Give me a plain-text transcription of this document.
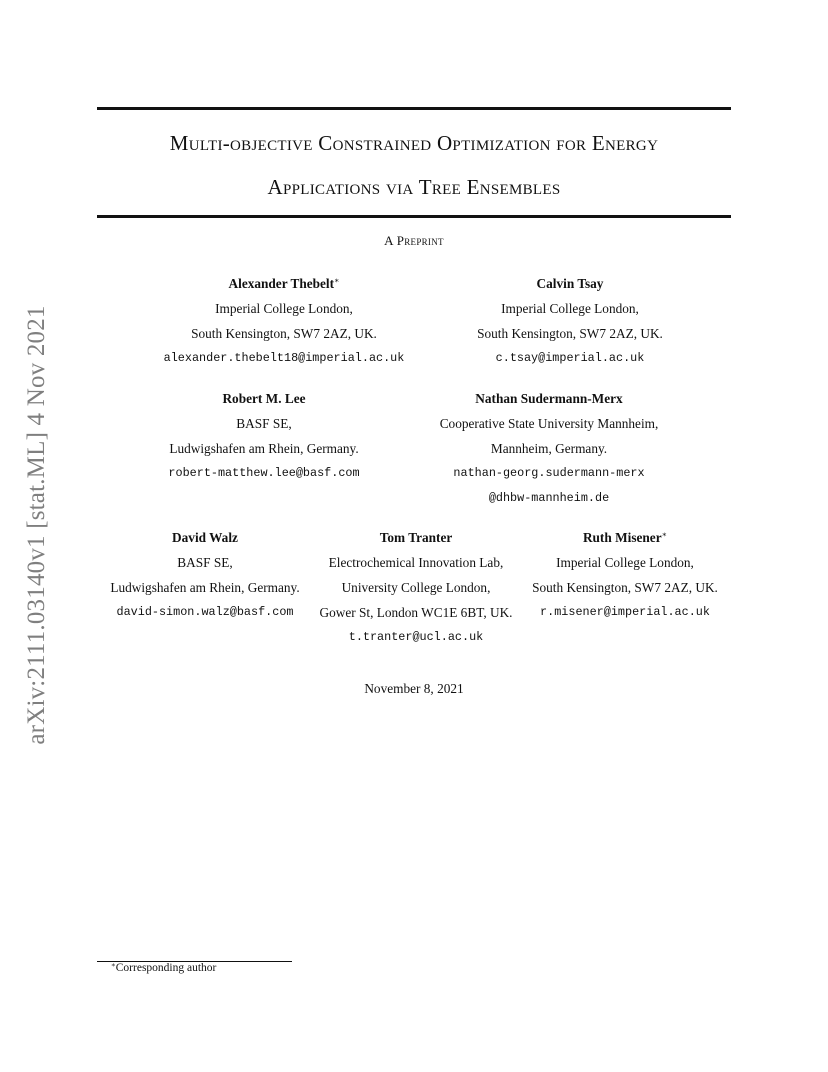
arXiv:2111.03140v1 [stat.ML] 4 Nov 2021
Multi-objective Constrained Optimization for Energy
Applications via Tree Ensembles
A Preprint
Alexander Thebelt∗
Imperial College London,
South Kensington, SW7 2AZ, UK.
alexander.thebelt18@imperial.ac.uk
Calvin Tsay
Imperial College London,
South Kensington, SW7 2AZ, UK.
c.tsay@imperial.ac.uk
Robert M. Lee
BASF SE,
Ludwigshafen am Rhein, Germany.
robert-matthew.lee@basf.com
Nathan Sudermann-Merx
Cooperative State University Mannheim,
Mannheim, Germany.
nathan-georg.sudermann-merx
@dhbw-mannheim.de
David Walz
BASF SE,
Ludwigshafen am Rhein, Germany.
david-simon.walz@basf.com
Tom Tranter
Electrochemical Innovation Lab,
University College London,
Gower St, London WC1E 6BT, UK.
t.tranter@ucl.ac.uk
Ruth Misener∗
Imperial College London,
South Kensington, SW7 2AZ, UK.
r.misener@imperial.ac.uk
November 8, 2021
∗Corresponding author
